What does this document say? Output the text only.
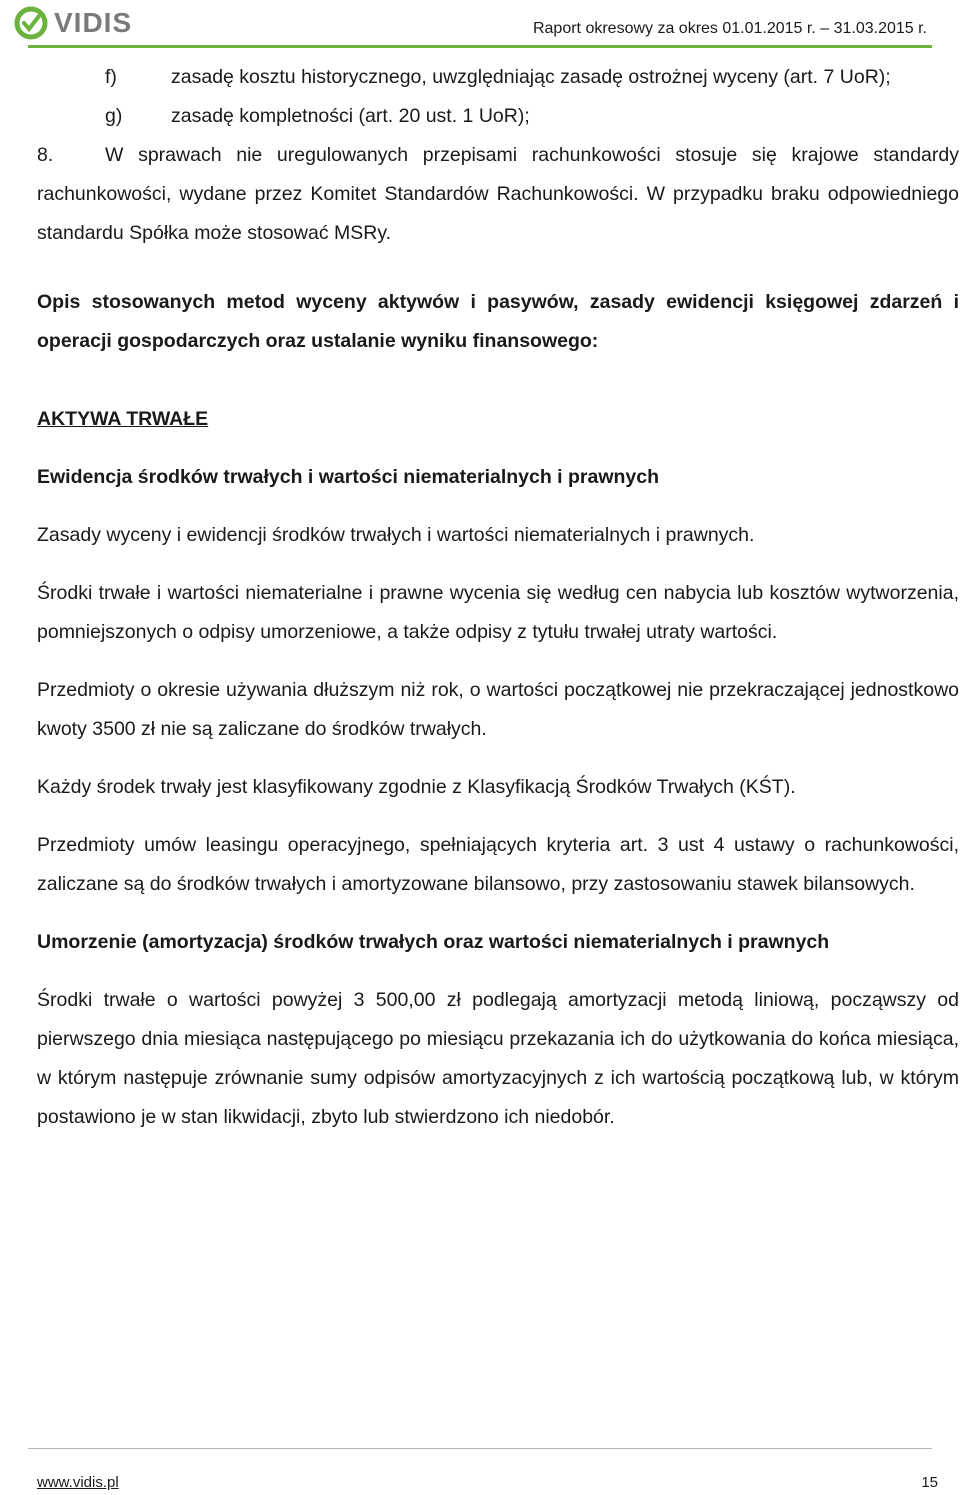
VIDIS	Raport okresowy za okres 01.01.2015 r. – 31.03.2015 r.

f)	zasadę kosztu historycznego, uwzględniając zasadę ostrożnej wyceny (art. 7 UoR);

g)	zasadę kompletności (art. 20 ust. 1 UoR);

8.	W sprawach nie uregulowanych przepisami rachunkowości stosuje się krajowe standardy rachunkowości, wydane przez Komitet Standardów Rachunkowości. W przypadku braku odpowiedniego standardu Spółka może stosować MSRy.

Opis stosowanych metod wyceny aktywów i pasywów, zasady ewidencji księgowej zdarzeń i operacji gospodarczych oraz ustalanie wyniku finansowego:

AKTYWA TRWAŁE

Ewidencja środków trwałych i wartości niematerialnych i prawnych

Zasady wyceny i ewidencji środków trwałych i wartości niematerialnych i prawnych.

Środki trwałe i wartości niematerialne i prawne wycenia się według cen nabycia lub kosztów wytworzenia, pomniejszonych o odpisy umorzeniowe, a także odpisy z tytułu trwałej utraty wartości.

Przedmioty o okresie używania dłuższym niż rok, o wartości początkowej nie przekraczającej jednostkowo kwoty 3500 zł nie są zaliczane do środków trwałych.

Każdy środek trwały jest klasyfikowany zgodnie z Klasyfikacją Środków Trwałych (KŚT).

Przedmioty umów leasingu operacyjnego, spełniających kryteria art. 3 ust 4 ustawy o rachunkowości, zaliczane są do środków trwałych i amortyzowane bilansowo, przy zastosowaniu stawek bilansowych.

Umorzenie (amortyzacja) środków trwałych oraz wartości niematerialnych i prawnych

Środki trwałe o wartości powyżej 3 500,00 zł podlegają amortyzacji metodą liniową, począwszy od pierwszego dnia miesiąca następującego po miesiącu przekazania ich do użytkowania do końca miesiąca, w którym następuje zrównanie sumy odpisów amortyzacyjnych z ich wartością początkową lub, w którym postawiono je w stan likwidacji, zbyto lub stwierdzono ich niedobór.

www.vidis.pl	15
